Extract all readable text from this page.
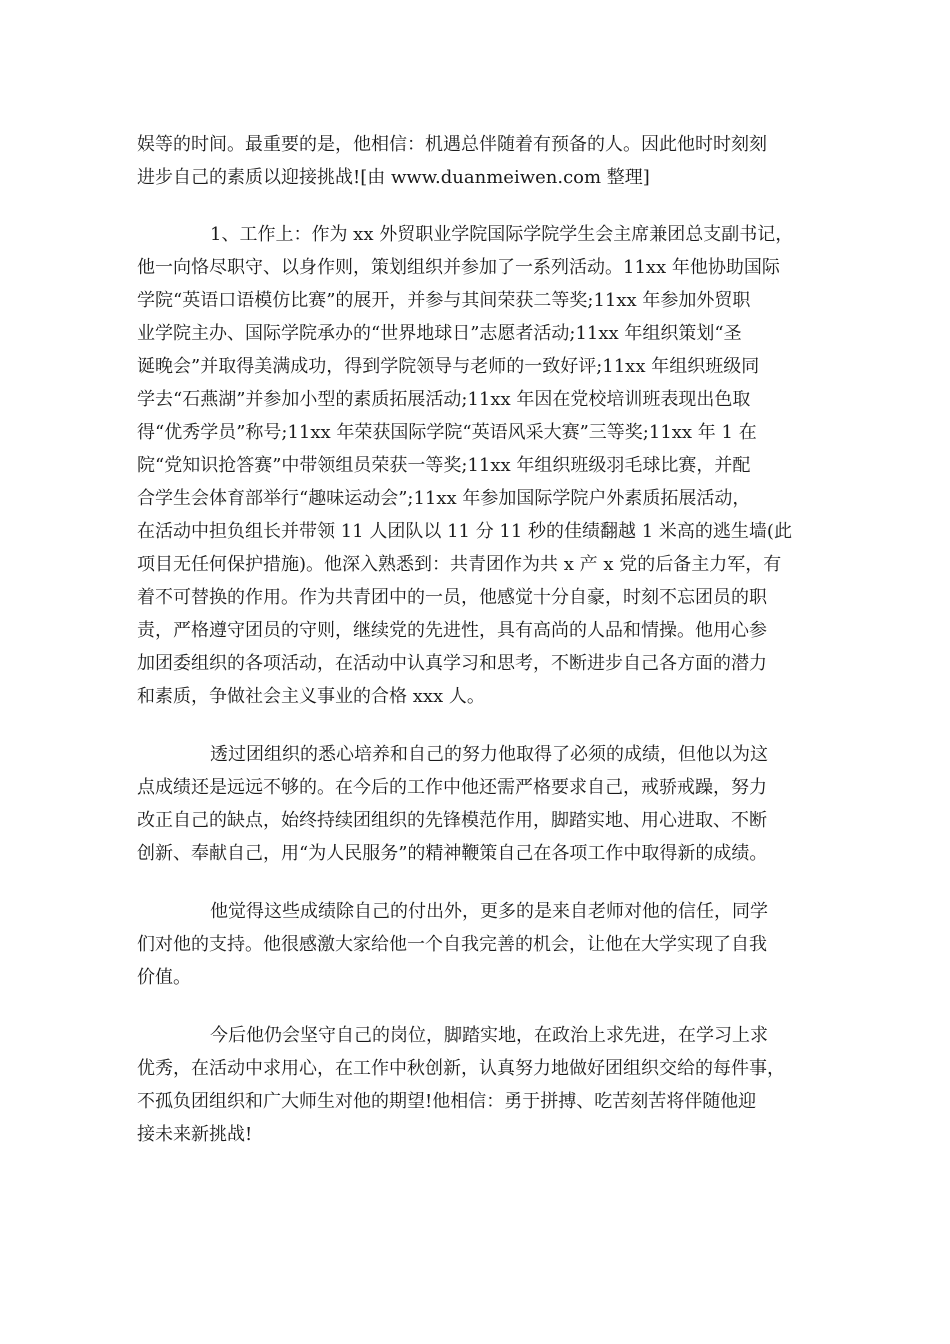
娱等的时间。最重要的是，他相信：机遇总伴随着有预备的人。因此他时时刻刻
进步自己的素质以迎接挑战![由 www.duanmeiwen.com 整理]
1、工作上：作为 xx 外贸职业学院国际学院学生会主席兼团总支副书记，
他一向恪尽职守、以身作则，策划组织并参加了一系列活动。11xx 年他协助国际
学院“英语口语模仿比赛”的展开，并参与其间荣获二等奖;11xx 年参加外贸职
业学院主办、国际学院承办的“世界地球日”志愿者活动;11xx 年组织策划“圣
诞晚会”并取得美满成功，得到学院领导与老师的一致好评;11xx 年组织班级同
学去“石燕湖”并参加小型的素质拓展活动;11xx 年因在党校培训班表现出色取
得“优秀学员”称号;11xx 年荣获国际学院“英语风采大赛”三等奖;11xx 年 1 在
院“党知识抢答赛”中带领组员荣获一等奖;11xx 年组织班级羽毛球比赛，并配
合学生会体育部举行“趣味运动会”;11xx 年参加国际学院户外素质拓展活动，
在活动中担负组长并带领 11 人团队以 11 分 11 秒的佳绩翻越 1 米高的逃生墙(此
项目无任何保护措施)。他深入熟悉到：共青团作为共 x 产 x 党的后备主力军，有
着不可替换的作用。作为共青团中的一员，他感觉十分自豪，时刻不忘团员的职
责，严格遵守团员的守则，继续党的先进性，具有高尚的人品和情操。他用心参
加团委组织的各项活动，在活动中认真学习和思考，不断进步自己各方面的潜力
和素质，争做社会主义事业的合格 xxx 人。
透过团组织的悉心培养和自己的努力他取得了必须的成绩，但他以为这
点成绩还是远远不够的。在今后的工作中他还需严格要求自己，戒骄戒躁，努力
改正自己的缺点，始终持续团组织的先锋模范作用，脚踏实地、用心进取、不断
创新、奉献自己，用“为人民服务”的精神鞭策自己在各项工作中取得新的成绩。
他觉得这些成绩除自己的付出外，更多的是来自老师对他的信任，同学
们对他的支持。他很感激大家给他一个自我完善的机会，让他在大学实现了自我
价值。
今后他仍会坚守自己的岗位，脚踏实地，在政治上求先进，在学习上求
优秀，在活动中求用心，在工作中秋创新，认真努力地做好团组织交给的每件事，
不孤负团组织和广大师生对他的期望!他相信：勇于拼搏、吃苦刻苦将伴随他迎
接未来新挑战!
